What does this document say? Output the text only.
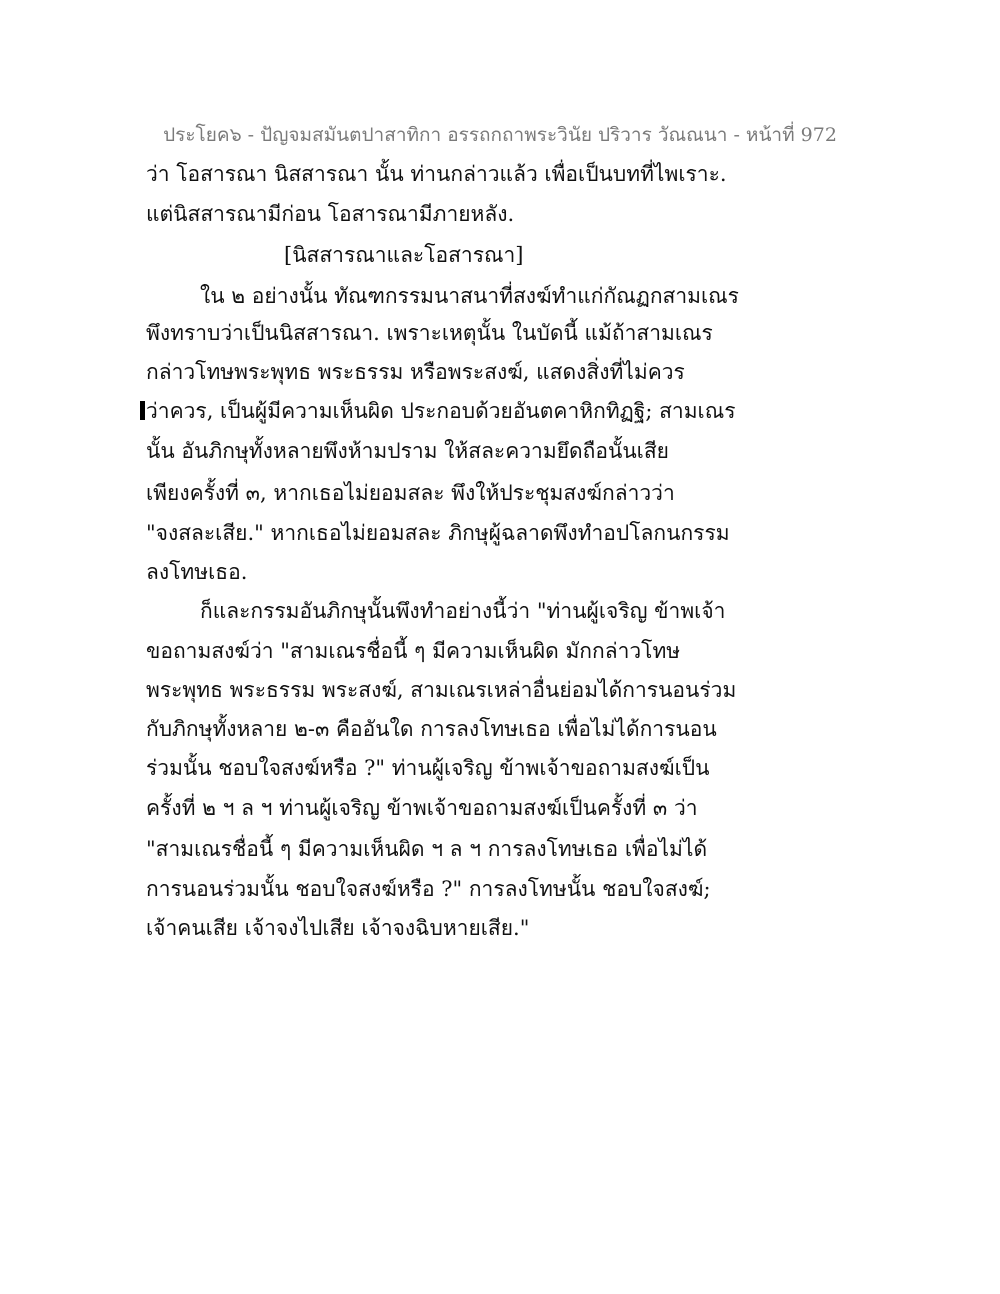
ประโยค๖ - ปัญจมสมันตปาสาทิกา อรรถกถาพระวินัย ปริวาร วัณณนา - หน้าที่ 972
ว่า โอสารณา นิสสารณา นั้น ท่านกล่าวแล้ว เพื่อเป็นบทที่ไพเราะ.
แต่นิสสารณามีก่อน โอสารณามีภายหลัง.
[นิสสารณาและโอสารณา]
ใน ๒ อย่างนั้น ทัณฑกรรมนาสนาที่สงฆ์ทำแก่กัณฏกสามเณร
พึงทราบว่าเป็นนิสสารณา. เพราะเหตุนั้น ในบัดนี้ แม้ถ้าสามเณร
กล่าวโทษพระพุทธ พระธรรม หรือพระสงฆ์, แสดงสิ่งที่ไม่ควร
ว่าควร, เป็นผู้มีความเห็นผิด ประกอบด้วยอันตคาหิกทิฏฐิ; สามเณร
นั้น อันภิกษุทั้งหลายพึงห้ามปราม ให้สละความยึดถือนั้นเสีย
เพียงครั้งที่ ๓, หากเธอไม่ยอมสละ พึงให้ประชุมสงฆ์กล่าวว่า
"จงสละเสีย." หากเธอไม่ยอมสละ ภิกษุผู้ฉลาดพึงทำอปโลกนกรรม
ลงโทษเธอ.
ก็และกรรมอันภิกษุนั้นพึงทำอย่างนี้ว่า "ท่านผู้เจริญ ข้าพเจ้า
ขอถามสงฆ์ว่า "สามเณรชื่อนี้ ๆ มีความเห็นผิด มักกล่าวโทษ
พระพุทธ พระธรรม พระสงฆ์, สามเณรเหล่าอื่นย่อมได้การนอนร่วม
กับภิกษุทั้งหลาย ๒-๓ คืออันใด การลงโทษเธอ เพื่อไม่ได้การนอน
ร่วมนั้น ชอบใจสงฆ์หรือ ?" ท่านผู้เจริญ ข้าพเจ้าขอถามสงฆ์เป็น
ครั้งที่ ๒ ฯ ล ฯ ท่านผู้เจริญ ข้าพเจ้าขอถามสงฆ์เป็นครั้งที่ ๓ ว่า
"สามเณรชื่อนี้ ๆ มีความเห็นผิด ฯ ล ฯ การลงโทษเธอ เพื่อไม่ได้
การนอนร่วมนั้น ชอบใจสงฆ์หรือ ?" การลงโทษนั้น ชอบใจสงฆ์;
เจ้าคนเสีย เจ้าจงไปเสีย เจ้าจงฉิบหายเสีย."
